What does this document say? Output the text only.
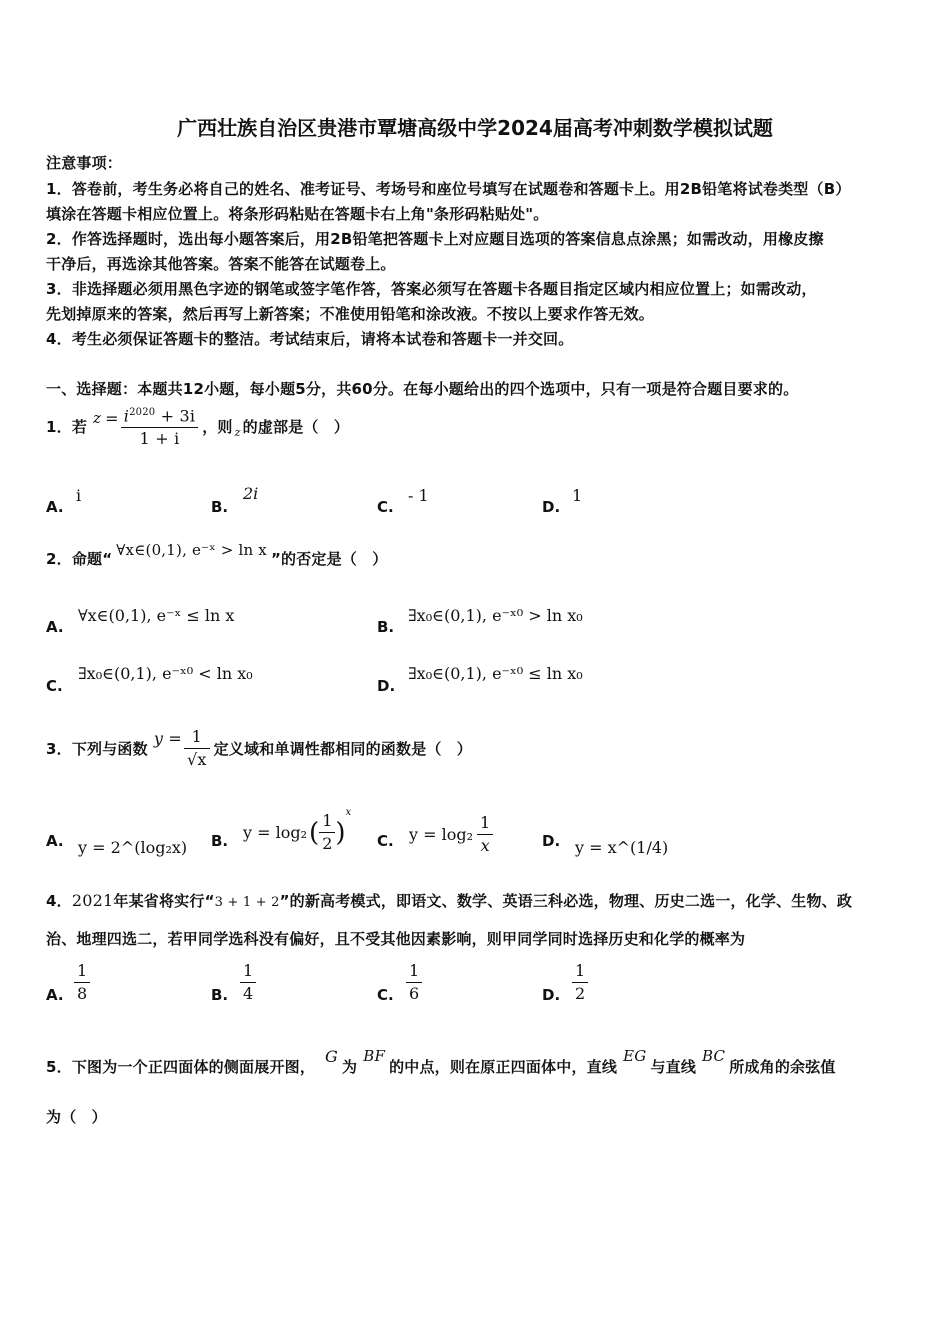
广西壮族自治区贵港市覃塘高级中学2024届高考冲刺数学模拟试题
注意事项：
1．答卷前，考生务必将自己的姓名、准考证号、考场号和座位号填写在试题卷和答题卡上。用2B铅笔将试卷类型（B）
填涂在答题卡相应位置上。将条形码粘贴在答题卡右上角"条形码粘贴处"。
2．作答选择题时，选出每小题答案后，用2B铅笔把答题卡上对应题目选项的答案信息点涂黑；如需改动，用橡皮擦
干净后，再选涂其他答案。答案不能答在试题卷上。
3．非选择题必须用黑色字迹的钢笔或签字笔作答，答案必须写在答题卡各题目指定区域内相应位置上；如需改动，
先划掉原来的答案，然后再写上新答案；不准使用铅笔和涂改液。不按以上要求作答无效。
4．考生必须保证答题卡的整洁。考试结束后，请将本试卷和答题卡一并交回。
一、选择题：本题共12小题，每小题5分，共60分。在每小题给出的四个选项中，只有一项是符合题目要求的。
1．若 $z = \frac{i^{2020} + 3i}{1 + i}$ ，则 z 的虚部是（　）
A.
i
B.
2i
C.
- 1
D.
1
2．命题“
∀x∈(0,1), e⁻ˣ > ln x
”的否定是（　）
A.
∀x∈(0,1), e⁻ˣ ≤ ln x
B.
∃x₀∈(0,1), e⁻ˣ⁰ > ln x₀
C.
∃x₀∈(0,1), e⁻ˣ⁰ < ln x₀
D.
∃x₀∈(0,1), e⁻ˣ⁰ ≤ ln x₀
3．下列与函数
$y = \frac{1}{√x}$ 定义域和单调性都相同的函数是（　）
A. y = 2^(log₂x) B. y = log₂ ( $\frac{1}{2}$ )
x
C. $y = \log_2 \frac{1}{x}$	D. y = x^(1/4)
4．2021年某省将实行“3 + 1 + 2”的新高考模式，即语文、数学、英语三科必选，物理、历史二选一，化学、生物、政
治、地理四选二，若甲同学选科没有偏好，且不受其他因素影响，则甲同学同时选择历史和化学的概率为
A. $\frac{1}{8}$	B. $\frac{1}{4}$	C. $\frac{1}{6}$	D. $\frac{1}{2}$
5．下图为一个正四面体的侧面展开图，
G
为
BF
的中点，则在原正四面体中，直线
EG
与直线
BC
所成角的余弦值
为（　）
